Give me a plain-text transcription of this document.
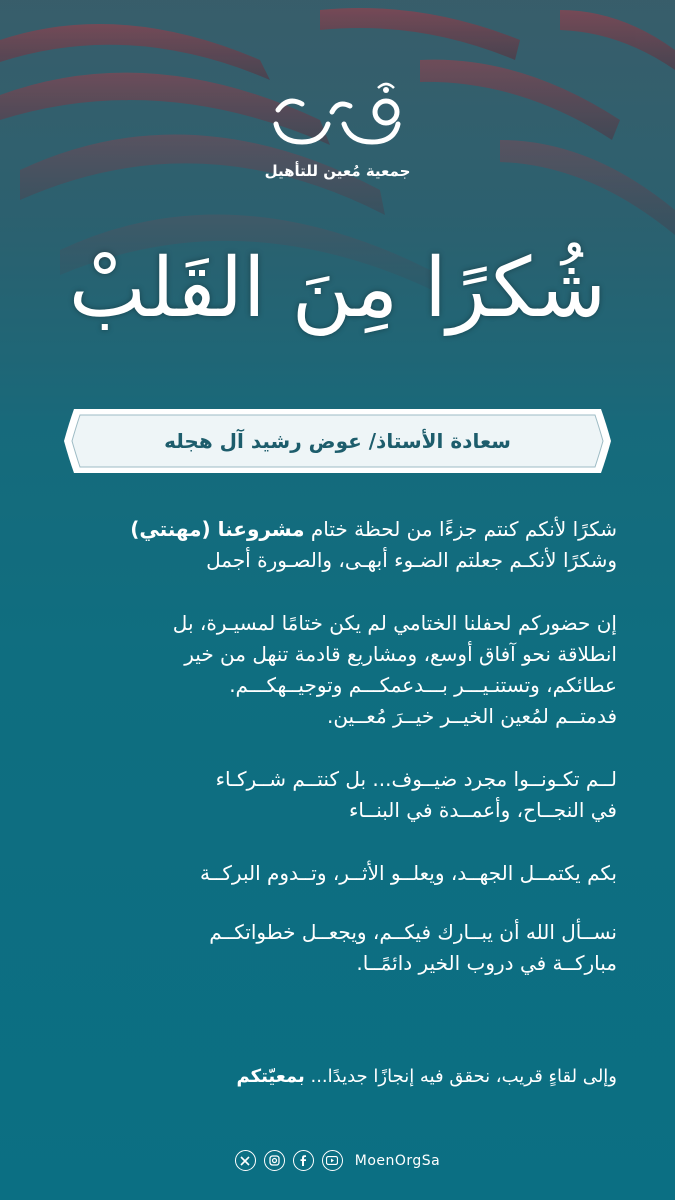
جمعية مُعين للتأهيل
شُكرًا مِنَ القَلبْ
سعادة الأستاذ/ عوض رشيد آل هجله
شكرًا لأنكم كنتم جزءًا من لحظة ختام مشروعنا (مهنتي)
وشكرًا لأنكـم جعلتم الضـوء أبهـى، والصـورة أجمل
إن حضوركم لحفلنا الختامي لم يكن ختامًا لمسيـرة، بل
انطلاقة نحو آفاق أوسع، ومشاريع قادمة تنهل من خير
عطائكم، وتستنـيـــر بـــدعمكـــم وتوجيــهكـــم.
فدمتــم لمُعين الخيــر خيــرَ مُعــين.
لــم تكـونــوا مجرد ضيــوف... بل كنتــم شــركـاء
في النجــاح، وأعمــدة في البنــاء
بكم يكتمــل الجهــد، ويعلــو الأثــر، وتــدوم البركــة
نســأل الله أن يبــارك فيكــم، ويجعــل خطواتكــم
مباركــة في دروب الخير دائمًــا.
وإلى لقاءٍ قريب، نحقق فيه إنجازًا جديدًا... بمعيّتكم
MoenOrgSa
